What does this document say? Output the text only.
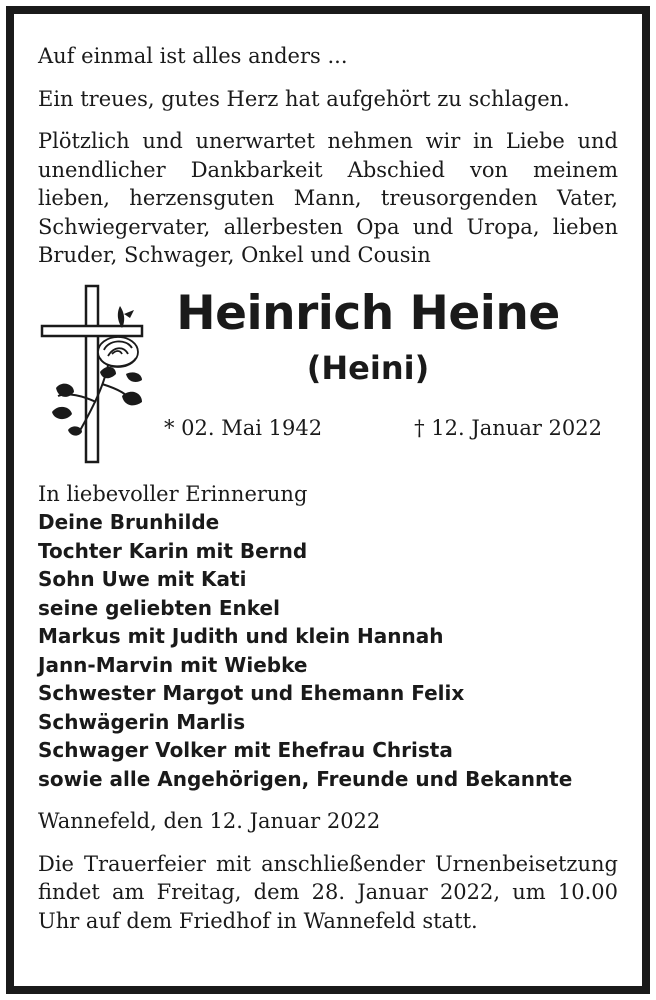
Auf einmal ist alles anders ...

Ein treues, gutes Herz hat aufgehört zu schlagen.

Plötzlich und unerwartet nehmen wir in Liebe und unendlicher Dankbarkeit Abschied von meinem lieben, herzensguten Mann, treusorgenden Vater, Schwiegervater, allerbesten Opa und Uropa, lieben Bruder, Schwager, Onkel und Cousin

Heinrich Heine
(Heini)
* 02. Mai 1942	† 12. Januar 2022
In liebevoller Erinnerung
Deine Brunhilde
Tochter Karin mit Bernd
Sohn Uwe mit Kati
seine geliebten Enkel
Markus mit Judith und klein Hannah
Jann-Marvin mit Wiebke
Schwester Margot und Ehemann Felix
Schwägerin Marlis
Schwager Volker mit Ehefrau Christa
sowie alle Angehörigen, Freunde und Bekannte

Wannefeld, den 12. Januar 2022

Die Trauerfeier mit anschließender Urnenbeisetzung findet am Freitag, dem 28. Januar 2022, um 10.00 Uhr auf dem Friedhof in Wannefeld statt.
